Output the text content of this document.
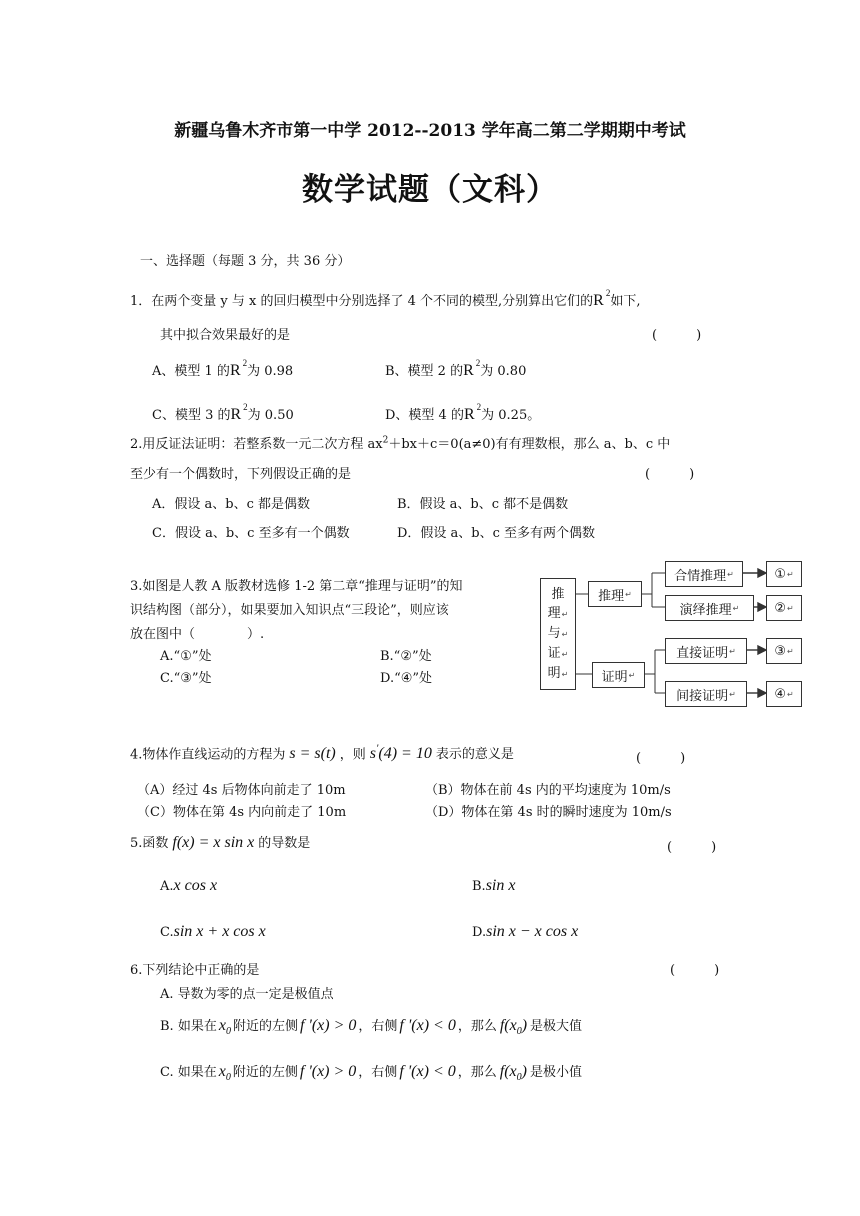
新疆乌鲁木齐市第一中学 2012--2013 学年高二第二学期期中考试
数学试题（文科）
一、选择题（每题 3 分，共 36 分）
1．在两个变量 y 与 x 的回归模型中分别选择了 4 个不同的模型,分别算出它们的R $^2$如下,
其中拟合效果最好的是	(　　　)
A、模型 1 的R $^2$为 0.98	B、模型 2 的R $^2$为 0.80
C、模型 3 的R $^2$为 0.50	D、模型 4 的R $^2$为 0.25。
2.用反证法证明：若整系数一元二次方程 $ax^2+bx+c=0(a\ne 0)$有有理数根，那么 a、b、c 中
至少有一个偶数时，下列假设正确的是	(　　　)
A．假设 a、b、c 都是偶数	B．假设 a、b、c 都不是偶数
C．假设 a、b、c 至多有一个偶数	D．假设 a、b、c 至多有两个偶数
3.如图是人教 A 版教材选修 1-2 第二章“推理与证明”的知
识结构图（部分），如果要加入知识点“三段论”，则应该
放在图中（　　　　）.
A.“①”处	B.“②”处
C.“③”处	D.“④”处
推
理↵
与↵
证↵
明↵
推理 ↵
证明 ↵
合情推理 ↵
演绎推理 ↵
直接证明 ↵
间接证明 ↵
① ↵
② ↵
③ ↵
④ ↵
4.物体作直线运动的方程为 s = s(t) ，则 s'(4) = 10 表示的意义是	(　　　)
（A）经过 4s 后物体向前走了 10m	（B）物体在前 4s 内的平均速度为 10m/s
（C）物体在第 4s 内向前走了 10m	（D）物体在第 4s 时的瞬时速度为 10m/s
5.函数 f(x) = x sin x 的导数是	(　　　)
A.x cos x	B.sin x
C.sin x + x cos x	D.sin x − x cos x
6.下列结论中正确的是	(　　　)
A. 导数为零的点一定是极值点
B. 如果在 $x_0$ 附近的左侧 f '(x) > 0 ，右侧 f '(x) < 0 ，那么 $f(x_0)$ 是极大值
C. 如果在 $x_0$ 附近的左侧 f '(x) > 0 ，右侧 f '(x) < 0 ，那么 $f(x_0)$ 是极小值
